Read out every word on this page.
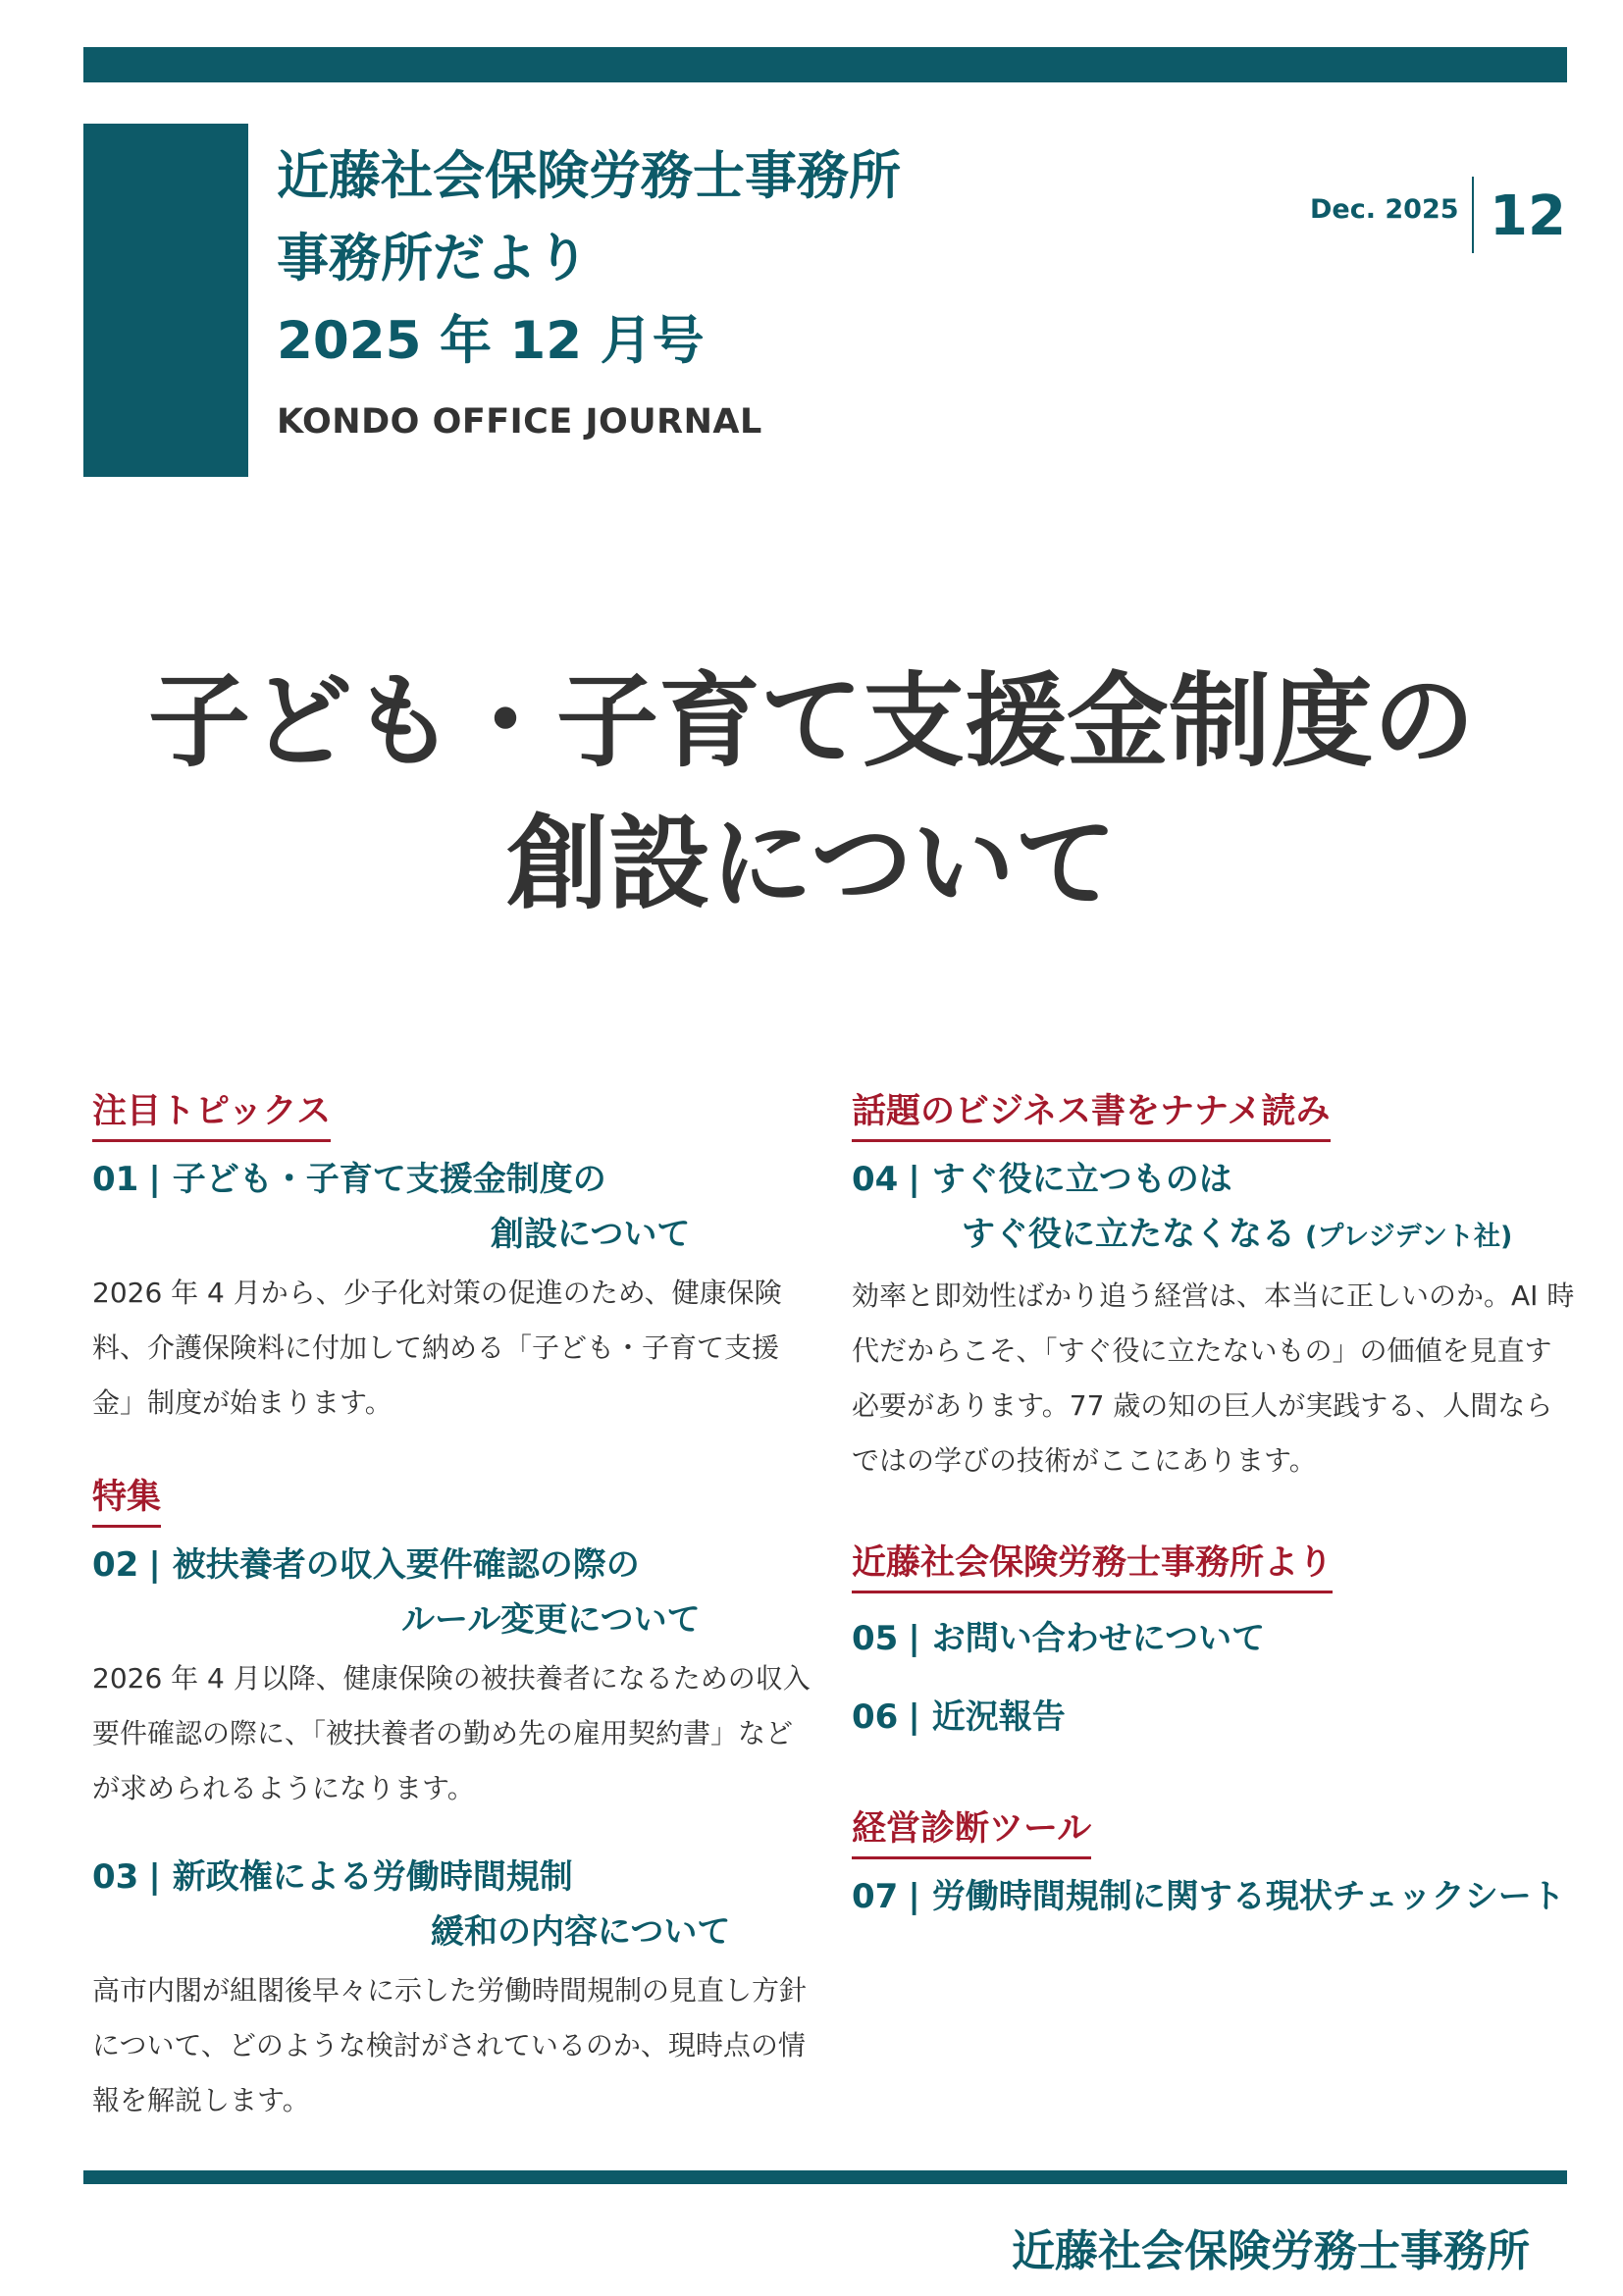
近藤社会保険労務士事務所
事務所だより
2025 年 12 月号
KONDO OFFICE JOURNAL
Dec. 2025 12
子ども・子育て支援金制度の
創設について
注目トピックス
01 | 子ども・子育て支援金制度の
創設について
2026 年 4 月から、少子化対策の促進のため、健康保険料、介護保険料に付加して納める「子ども・子育て支援金」制度が始まります。
特集
02 | 被扶養者の収入要件確認の際の
ルール変更について
2026 年 4 月以降、健康保険の被扶養者になるための収入要件確認の際に、「被扶養者の勤め先の雇用契約書」などが求められるようになります。
03 | 新政権による労働時間規制
緩和の内容について
高市内閣が組閣後早々に示した労働時間規制の見直し方針について、どのような検討がされているのか、現時点の情報を解説します。
話題のビジネス書をナナメ読み
04 | すぐ役に立つものは
すぐ役に立たなくなる (プレジデント社)
効率と即効性ばかり追う経営は、本当に正しいのか。AI 時代だからこそ、「すぐ役に立たないもの」の価値を見直す必要があります。77 歳の知の巨人が実践する、人間ならではの学びの技術がここにあります。
近藤社会保険労務士事務所より
05 | お問い合わせについて
06 | 近況報告
経営診断ツール
07 | 労働時間規制に関する現状チェックシート
近藤社会保険労務士事務所
